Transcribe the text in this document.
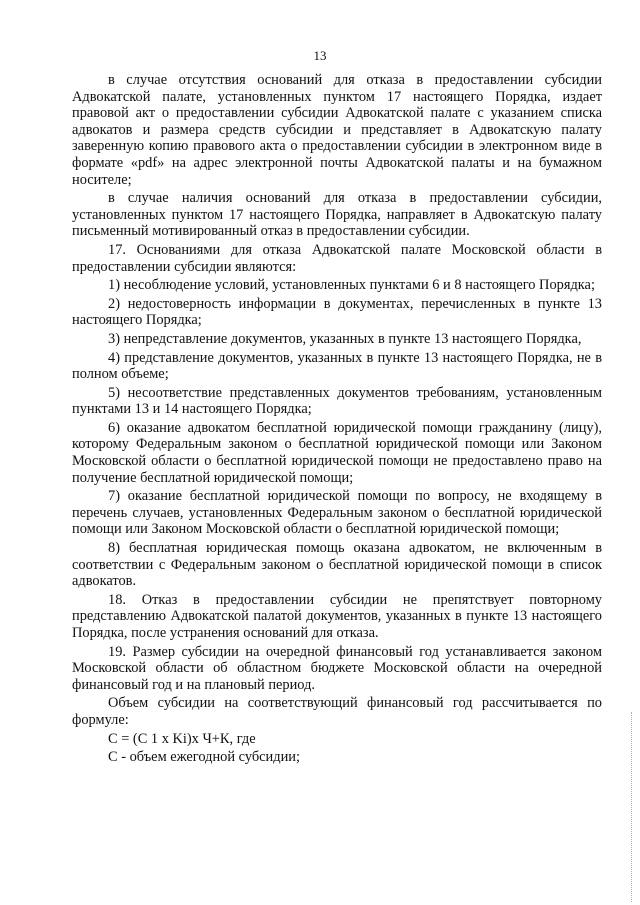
13

в случае отсутствия оснований для отказа в предоставлении субсидии Адвокатской палате, установленных пунктом 17 настоящего Порядка, издает правовой акт о предоставлении субсидии Адвокатской палате с указанием списка адвокатов и размера средств субсидии и представляет в Адвокатскую палату заверенную копию правового акта о предоставлении субсидии в электронном виде в формате «pdf» на адрес электронной почты Адвокатской палаты и на бумажном носителе;

в случае наличия оснований для отказа в предоставлении субсидии, установленных пунктом 17 настоящего Порядка, направляет в Адвокатскую палату письменный мотивированный отказ в предоставлении субсидии.

17. Основаниями для отказа Адвокатской палате Московской области в предоставлении субсидии являются:

1) несоблюдение условий, установленных пунктами 6 и 8 настоящего Порядка;

2) недостоверность информации в документах, перечисленных в пункте 13 настоящего Порядка;

3) непредставление документов, указанных в пункте 13 настоящего Порядка,

4) представление документов, указанных в пункте 13 настоящего Порядка, не в полном объеме;

5) несоответствие представленных документов требованиям, установленным пунктами 13 и 14 настоящего Порядка;

6) оказание адвокатом бесплатной юридической помощи гражданину (лицу), которому Федеральным законом о бесплатной юридической помощи или Законом Московской области о бесплатной юридической помощи не предоставлено право на получение бесплатной юридической помощи;

7) оказание бесплатной юридической помощи по вопросу, не входящему в перечень случаев, установленных Федеральным законом о бесплатной юридической помощи или Законом Московской области о бесплатной юридической помощи;

8) бесплатная юридическая помощь оказана адвокатом, не включенным в соответствии с Федеральным законом о бесплатной юридической помощи в список адвокатов.

18. Отказ в предоставлении субсидии не препятствует повторному представлению Адвокатской палатой документов, указанных в пункте 13 настоящего Порядка, после устранения оснований для отказа.

19. Размер субсидии на очередной финансовый год устанавливается законом Московской области об областном бюджете Московской области на очередной финансовый год и на плановый период.

Объем субсидии на соответствующий финансовый год рассчитывается по формуле:

С = (С 1 х Ki)х Ч+К, где

С - объем ежегодной субсидии;
